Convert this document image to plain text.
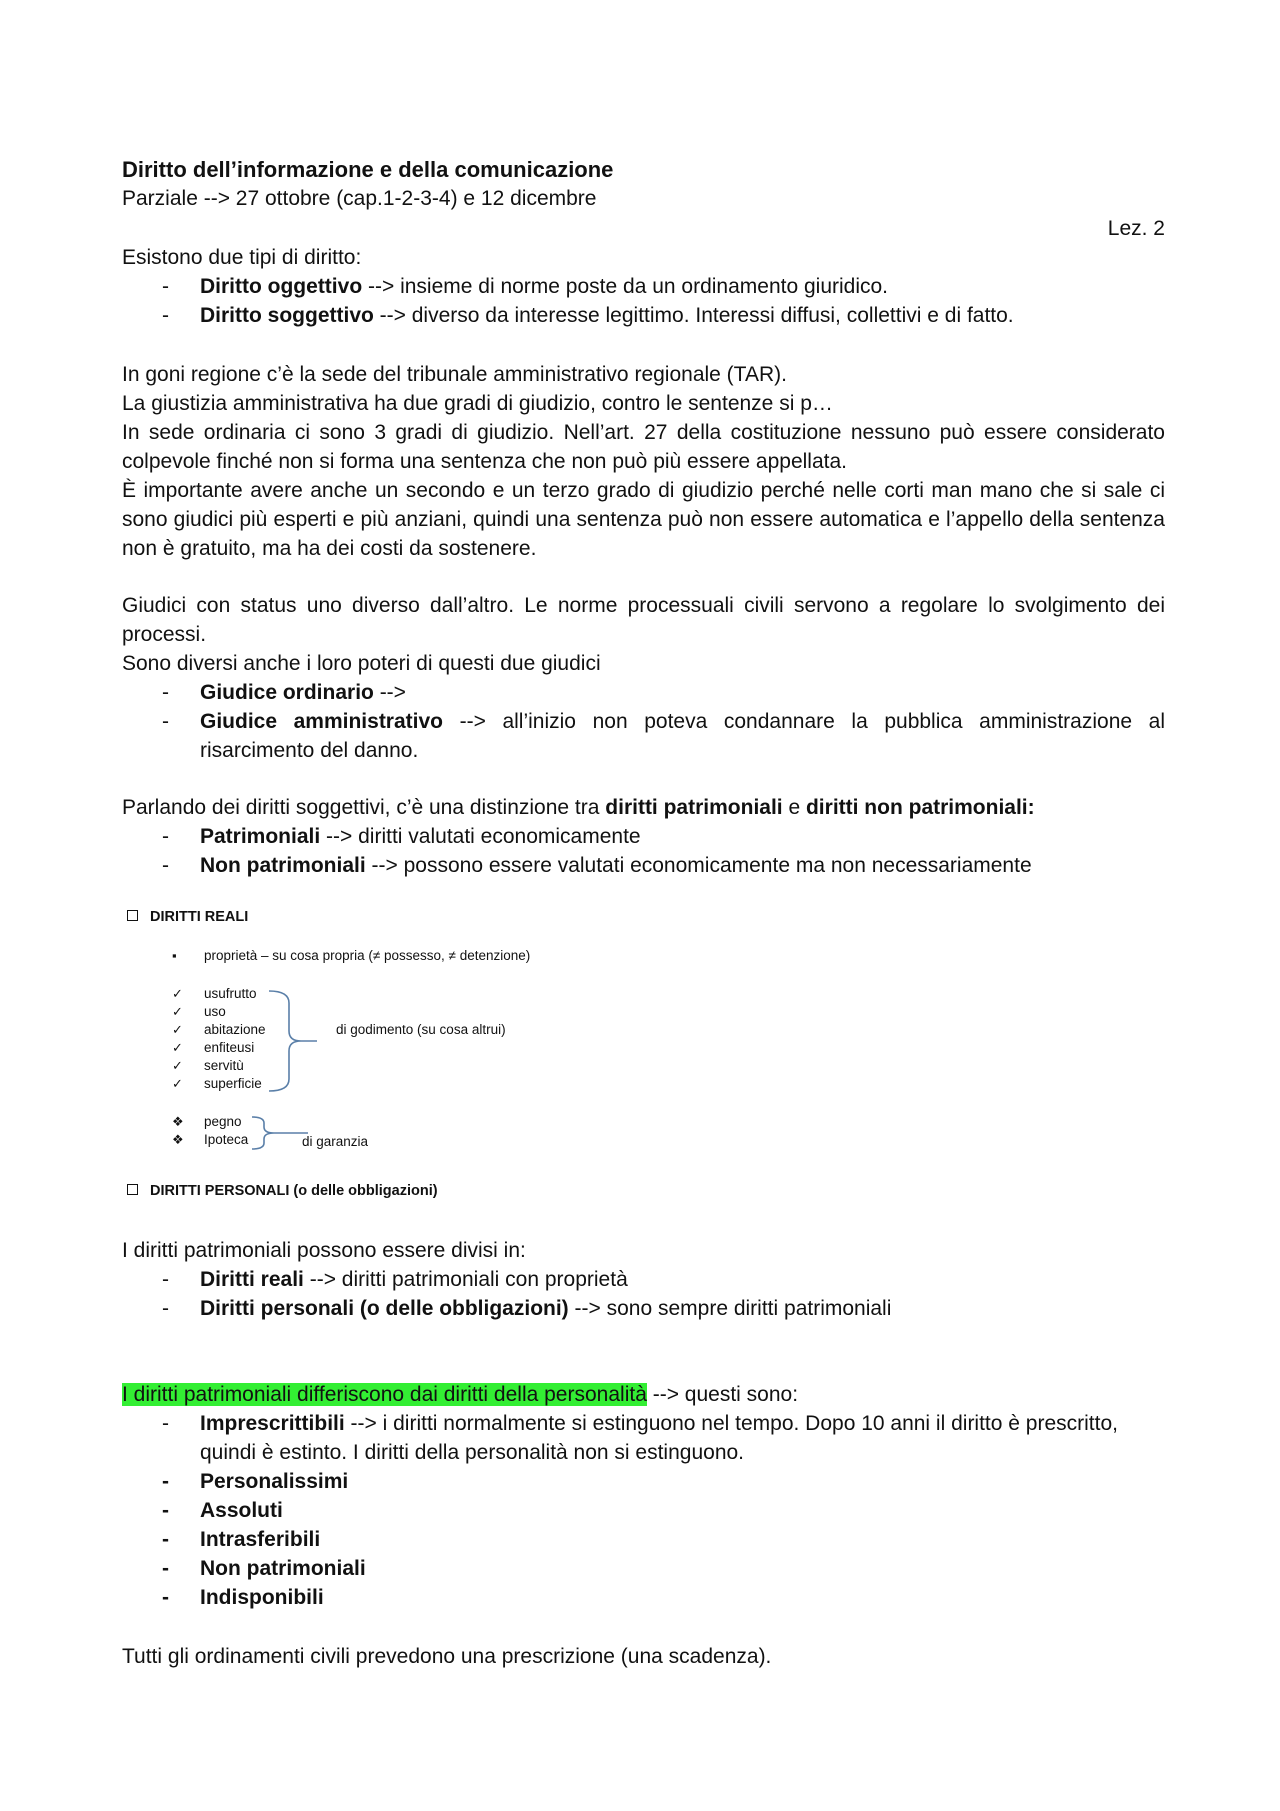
Diritto dell’informazione e della comunicazione
Parziale --> 27 ottobre (cap.1-2-3-4) e 12 dicembre
Lez. 2

Esistono due tipi di diritto:

- Diritto oggettivo --> insieme di norme poste da un ordinamento giuridico.
- Diritto soggettivo --> diverso da interesse legittimo. Interessi diffusi, collettivi e di fatto.

In goni regione c’è la sede del tribunale amministrativo regionale (TAR).

La giustizia amministrativa ha due gradi di giudizio, contro le sentenze si p…

In sede ordinaria ci sono 3 gradi di giudizio. Nell’art. 27 della costituzione nessuno può essere considerato colpevole finché non si forma una sentenza che non può più essere appellata.

È importante avere anche un secondo e un terzo grado di giudizio perché nelle corti man mano che si sale ci sono giudici più esperti e più anziani, quindi una sentenza può non essere automatica e l’appello della sentenza non è gratuito, ma ha dei costi da sostenere.

Giudici con status uno diverso dall’altro. Le norme processuali civili servono a regolare lo svolgimento dei processi.

Sono diversi anche i loro poteri di questi due giudici

- Giudice ordinario -->
- Giudice amministrativo --> all’inizio non poteva condannare la pubblica amministrazione al risarcimento del danno.

Parlando dei diritti soggettivi, c’è una distinzione tra diritti patrimoniali e diritti non patrimoniali:

- Patrimoniali --> diritti valutati economicamente
- Non patrimoniali --> possono essere valutati economicamente ma non necessariamente
DIRITTI REALI
▪ proprietà – su cosa propria (≠ possesso, ≠ detenzione)
✓ usufrutto
✓ uso
✓ abitazione
✓ enfiteusi
✓ servitù
✓ superficie
di godimento (su cosa altrui)
❖ pegno
❖ Ipoteca	di garanzia
DIRITTI PERSONALI (o delle obbligazioni)

I diritti patrimoniali possono essere divisi in:

- Diritti reali --> diritti patrimoniali con proprietà
- Diritti personali (o delle obbligazioni) --> sono sempre diritti patrimoniali

I diritti patrimoniali differiscono dai diritti della personalità --> questi sono:

- Imprescrittibili --> i diritti normalmente si estinguono nel tempo. Dopo 10 anni il diritto è prescritto, quindi è estinto. I diritti della personalità non si estinguono.
- Personalissimi
- Assoluti
- Intrasferibili
- Non patrimoniali
- Indisponibili

Tutti gli ordinamenti civili prevedono una prescrizione (una scadenza).
